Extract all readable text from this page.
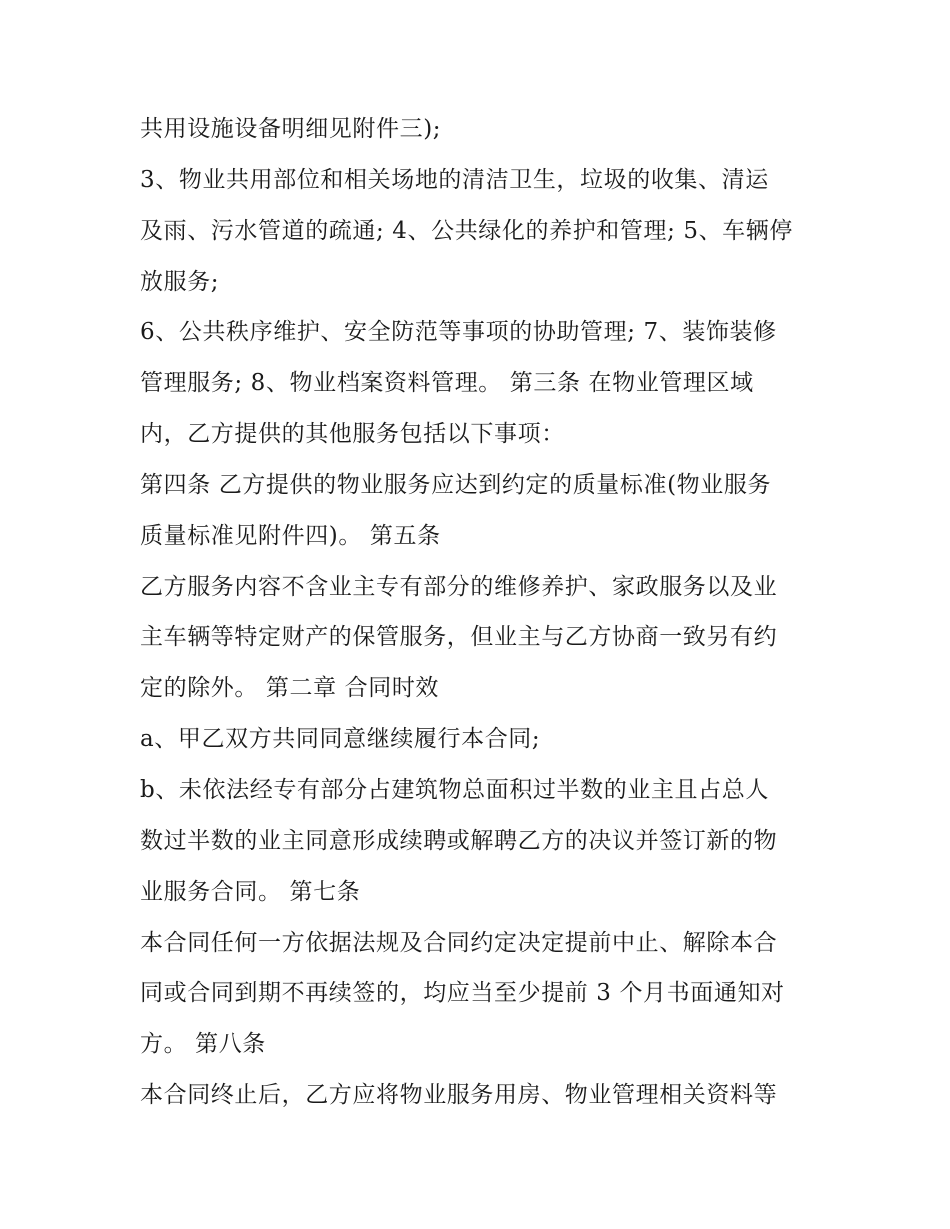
共用设施设备明细见附件三);
3、物业共用部位和相关场地的清洁卫生，垃圾的收集、清运
及雨、污水管道的疏通; 4、公共绿化的养护和管理; 5、车辆停
放服务;
6、公共秩序维护、安全防范等事项的协助管理; 7、装饰装修
管理服务; 8、物业档案资料管理。 第三条 在物业管理区域
内，乙方提供的其他服务包括以下事项：
第四条 乙方提供的物业服务应达到约定的质量标准(物业服务
质量标准见附件四)。 第五条
乙方服务内容不含业主专有部分的维修养护、家政服务以及业
主车辆等特定财产的保管服务，但业主与乙方协商一致另有约
定的除外。 第二章 合同时效
a、甲乙双方共同同意继续履行本合同;
b、未依法经专有部分占建筑物总面积过半数的业主且占总人
数过半数的业主同意形成续聘或解聘乙方的决议并签订新的物
业服务合同。 第七条
本合同任何一方依据法规及合同约定决定提前中止、解除本合
同或合同到期不再续签的，均应当至少提前 3 个月书面通知对
方。 第八条
本合同终止后，乙方应将物业服务用房、物业管理相关资料等
